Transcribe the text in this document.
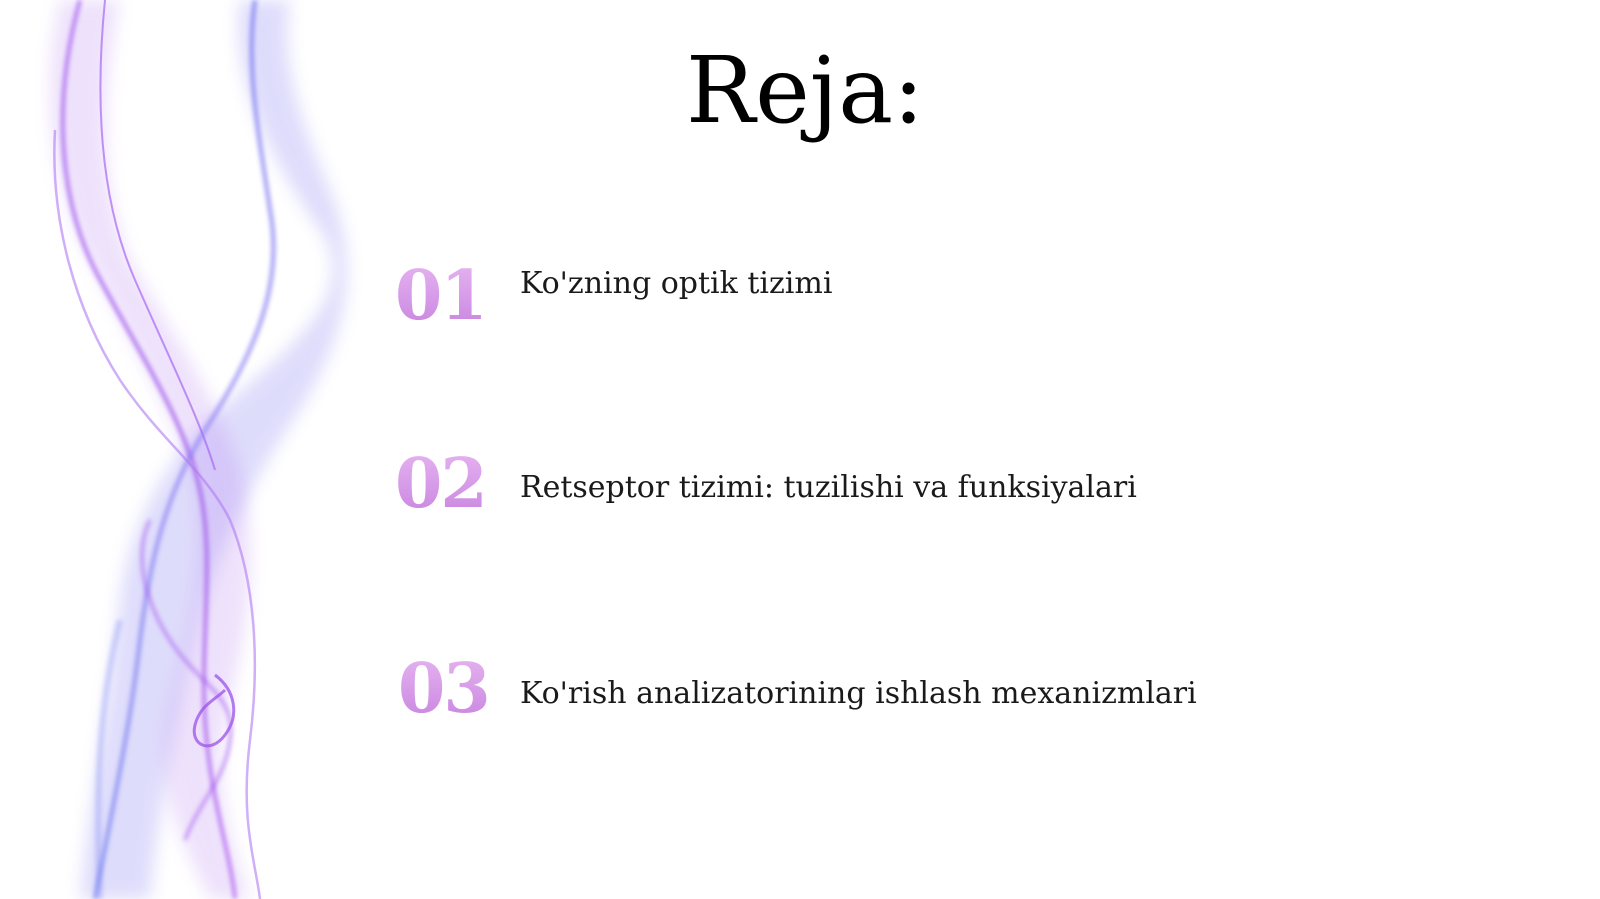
Reja:
01	Ko'zning optik tizimi
02	Retseptor tizimi: tuzilishi va funksiyalari
03	Ko'rish analizatorining ishlash mexanizmlari
